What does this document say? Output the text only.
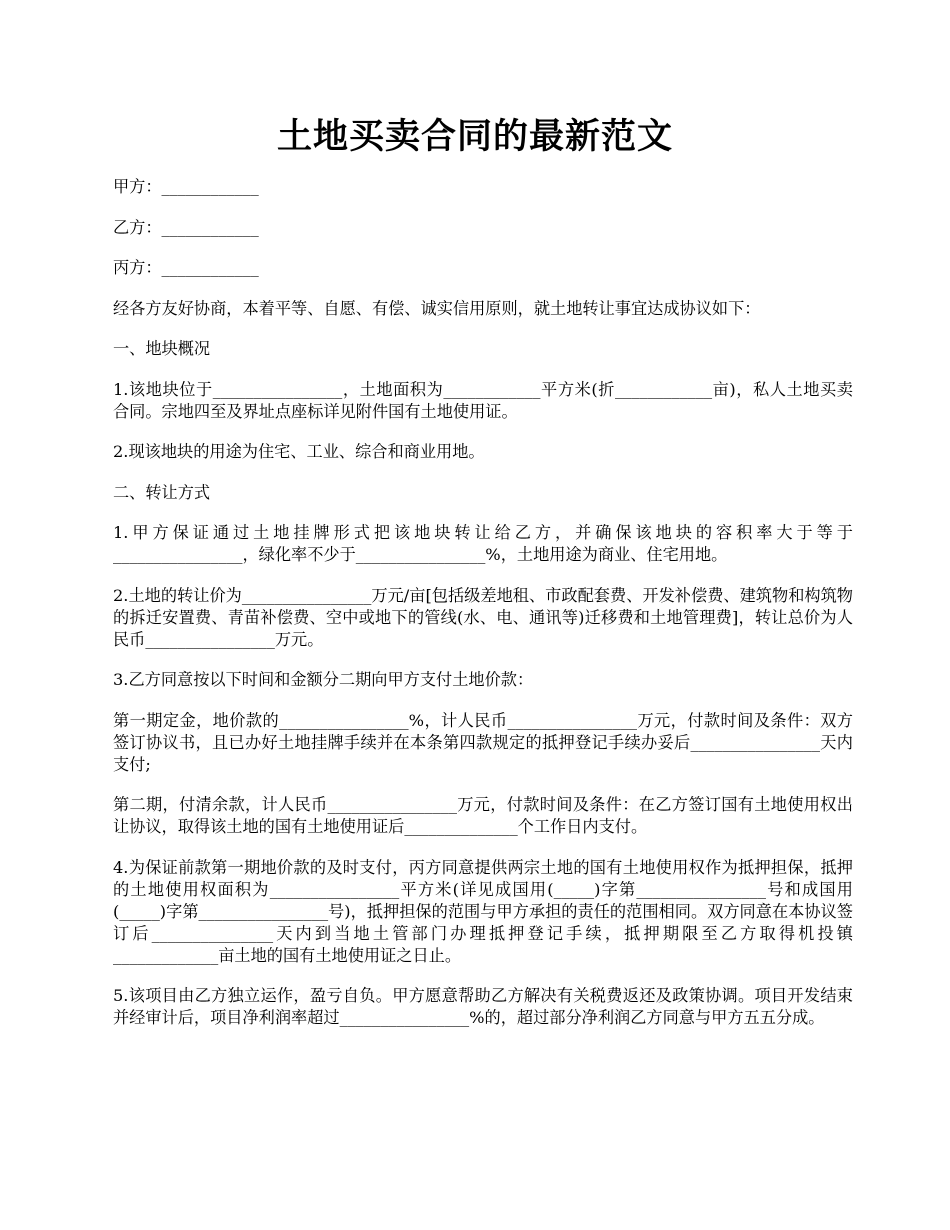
土地买卖合同的最新范文

甲方：____________

乙方：____________

丙方：____________

经各方友好协商，本着平等、自愿、有偿、诚实信用原则，就土地转让事宜达成协议如下：

一、地块概况

1.该地块位于________________，土地面积为____________平方米(折____________亩)，私人土地买卖合同。宗地四至及界址点座标详见附件国有土地使用证。

2.现该地块的用途为住宅、工业、综合和商业用地。

二、转让方式

1.甲方保证通过土地挂牌形式把该地块转让给乙方，并确保该地块的容积率大于等于________________，绿化率不少于________________%，土地用途为商业、住宅用地。

2.土地的转让价为________________万元/亩[包括级差地租、市政配套费、开发补偿费、建筑物和构筑物的拆迁安置费、青苗补偿费、空中或地下的管线(水、电、通讯等)迁移费和土地管理费]，转让总价为人民币________________万元。

3.乙方同意按以下时间和金额分二期向甲方支付土地价款：

第一期定金，地价款的________________%，计人民币________________万元，付款时间及条件：双方签订协议书，且已办好土地挂牌手续并在本条第四款规定的抵押登记手续办妥后________________天内支付;

第二期，付清余款，计人民币________________万元，付款时间及条件：在乙方签订国有土地使用权出让协议，取得该土地的国有土地使用证后______________个工作日内支付。

4.为保证前款第一期地价款的及时支付，丙方同意提供两宗土地的国有土地使用权作为抵押担保，抵押的土地使用权面积为________________平方米(详见成国用(_____)字第________________号和成国用(_____)字第________________号)，抵押担保的范围与甲方承担的责任的范围相同。双方同意在本协议签订后_______________天内到当地土管部门办理抵押登记手续，抵押期限至乙方取得机投镇_____________亩土地的国有土地使用证之日止。

5.该项目由乙方独立运作，盈亏自负。甲方愿意帮助乙方解决有关税费返还及政策协调。项目开发结束并经审计后，项目净利润率超过________________%的，超过部分净利润乙方同意与甲方五五分成。
